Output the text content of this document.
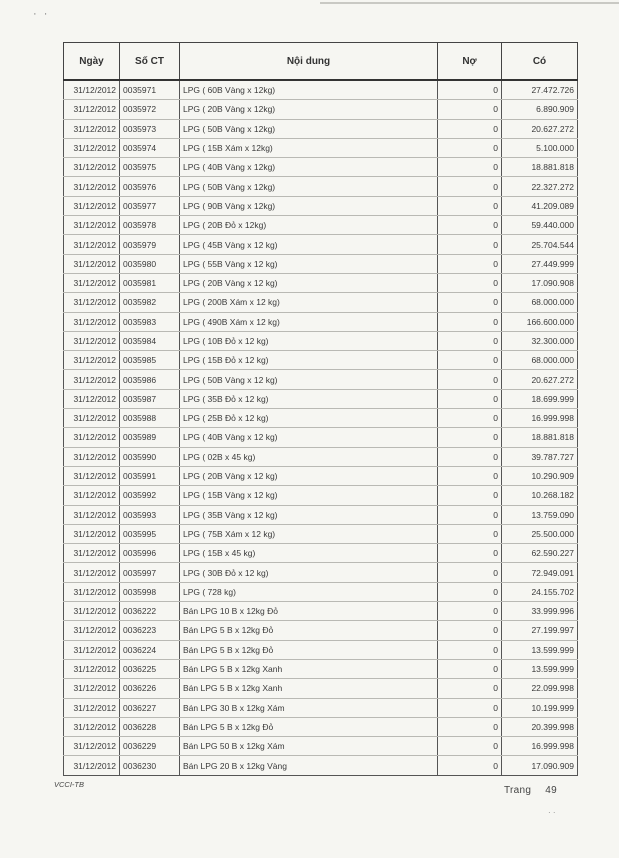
· ·
Ngày	Số CT	Nội dung	Nợ	Có
31/12/2012	0035971	LPG ( 60B Vàng x 12kg)	0	27.472.726
31/12/2012	0035972	LPG ( 20B Vàng x 12kg)	0	6.890.909
31/12/2012	0035973	LPG ( 50B Vàng x 12kg)	0	20.627.272
31/12/2012	0035974	LPG ( 15B Xám x 12kg)	0	5.100.000
31/12/2012	0035975	LPG ( 40B Vàng x 12kg)	0	18.881.818
31/12/2012	0035976	LPG ( 50B Vàng x 12kg)	0	22.327.272
31/12/2012	0035977	LPG ( 90B Vàng x 12kg)	0	41.209.089
31/12/2012	0035978	LPG ( 20B Đỏ x 12kg)	0	59.440.000
31/12/2012	0035979	LPG ( 45B Vàng x 12 kg)	0	25.704.544
31/12/2012	0035980	LPG ( 55B Vàng x 12 kg)	0	27.449.999
31/12/2012	0035981	LPG ( 20B Vàng x 12 kg)	0	17.090.908
31/12/2012	0035982	LPG ( 200B Xám x 12 kg)	0	68.000.000
31/12/2012	0035983	LPG ( 490B Xám x 12 kg)	0	166.600.000
31/12/2012	0035984	LPG ( 10B Đỏ x 12 kg)	0	32.300.000
31/12/2012	0035985	LPG ( 15B Đỏ x 12 kg)	0	68.000.000
31/12/2012	0035986	LPG ( 50B Vàng x 12 kg)	0	20.627.272
31/12/2012	0035987	LPG ( 35B Đỏ x 12 kg)	0	18.699.999
31/12/2012	0035988	LPG ( 25B Đỏ x 12 kg)	0	16.999.998
31/12/2012	0035989	LPG ( 40B Vàng x 12 kg)	0	18.881.818
31/12/2012	0035990	LPG ( 02B x 45 kg)	0	39.787.727
31/12/2012	0035991	LPG ( 20B Vàng x 12 kg)	0	10.290.909
31/12/2012	0035992	LPG ( 15B Vàng x 12 kg)	0	10.268.182
31/12/2012	0035993	LPG ( 35B Vàng x 12 kg)	0	13.759.090
31/12/2012	0035995	LPG ( 75B Xám x 12 kg)	0	25.500.000
31/12/2012	0035996	LPG ( 15B x 45 kg)	0	62.590.227
31/12/2012	0035997	LPG ( 30B Đỏ x 12 kg)	0	72.949.091
31/12/2012	0035998	LPG ( 728 kg)	0	24.155.702
31/12/2012	0036222	Bán LPG 10 B x 12kg Đỏ	0	33.999.996
31/12/2012	0036223	Bán LPG 5 B x 12kg Đỏ	0	27.199.997
31/12/2012	0036224	Bán LPG 5 B x 12kg Đỏ	0	13.599.999
31/12/2012	0036225	Bán LPG 5 B x 12kg Xanh	0	13.599.999
31/12/2012	0036226	Bán LPG 5 B x 12kg Xanh	0	22.099.998
31/12/2012	0036227	Bán LPG 30 B x 12kg Xám	0	10.199.999
31/12/2012	0036228	Bán LPG 5 B x 12kg Đỏ	0	20.399.998
31/12/2012	0036229	Bán LPG 50 B x 12kg Xám	0	16.999.998
31/12/2012	0036230	Bán LPG 20 B x 12kg Vàng	0	17.090.909
VCCI-TB
Trang 49
· ·
